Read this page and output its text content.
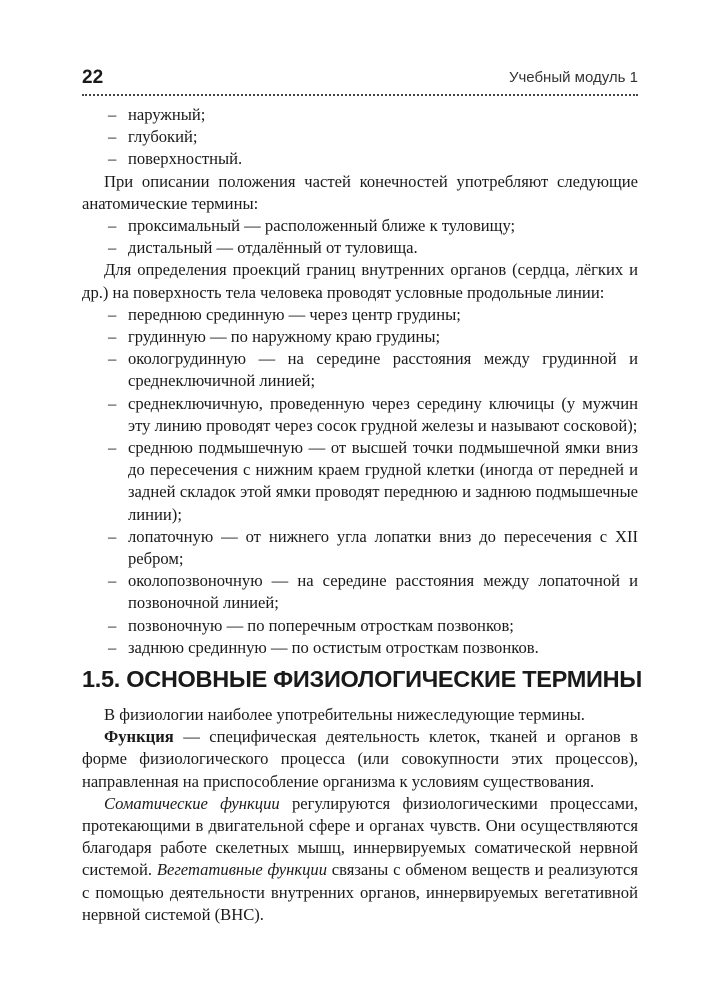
22	Учебный модуль 1

– наружный;

– глубокий;

– поверхностный.

При описании положения частей конечностей употребляют следующие анатомические термины:

– проксимальный — расположенный ближе к туловищу;

– дистальный — отдалённый от туловища.

Для определения проекций границ внутренних органов (сердца, лёгких и др.) на поверхность тела человека проводят условные продольные линии:

– переднюю срединную — через центр грудины;

– грудинную — по наружному краю грудины;

– окологрудинную — на середине расстояния между грудинной и среднеключичной линией;

– среднеключичную, проведенную через середину ключицы (у мужчин эту линию проводят через сосок грудной железы и называют сосковой);

– среднюю подмышечную — от высшей точки подмышечной ямки вниз до пересечения с нижним краем грудной клетки (иногда от передней и задней складок этой ямки проводят переднюю и заднюю подмышечные линии);

– лопаточную — от нижнего угла лопатки вниз до пересечения с XII ребром;

– околопозвоночную — на середине расстояния между лопаточной и позвоночной линией;

– позвоночную — по поперечным отросткам позвонков;

– заднюю срединную — по остистым отросткам позвонков.

1.5. ОСНОВНЫЕ ФИЗИОЛОГИЧЕСКИЕ ТЕРМИНЫ

В физиологии наиболее употребительны нижеследующие термины.

Функция — специфическая деятельность клеток, тканей и органов в форме физиологического процесса (или совокупности этих процессов), направленная на приспособление организма к условиям существования.

Соматические функции регулируются физиологическими процессами, протекающими в двигательной сфере и органах чувств. Они осуществляются благодаря работе скелетных мышц, иннервируемых соматической нервной системой. Вегетативные функции связаны с обменом веществ и реализуются с помощью деятельности внутренних органов, иннервируемых вегетативной нервной системой (ВНС).
